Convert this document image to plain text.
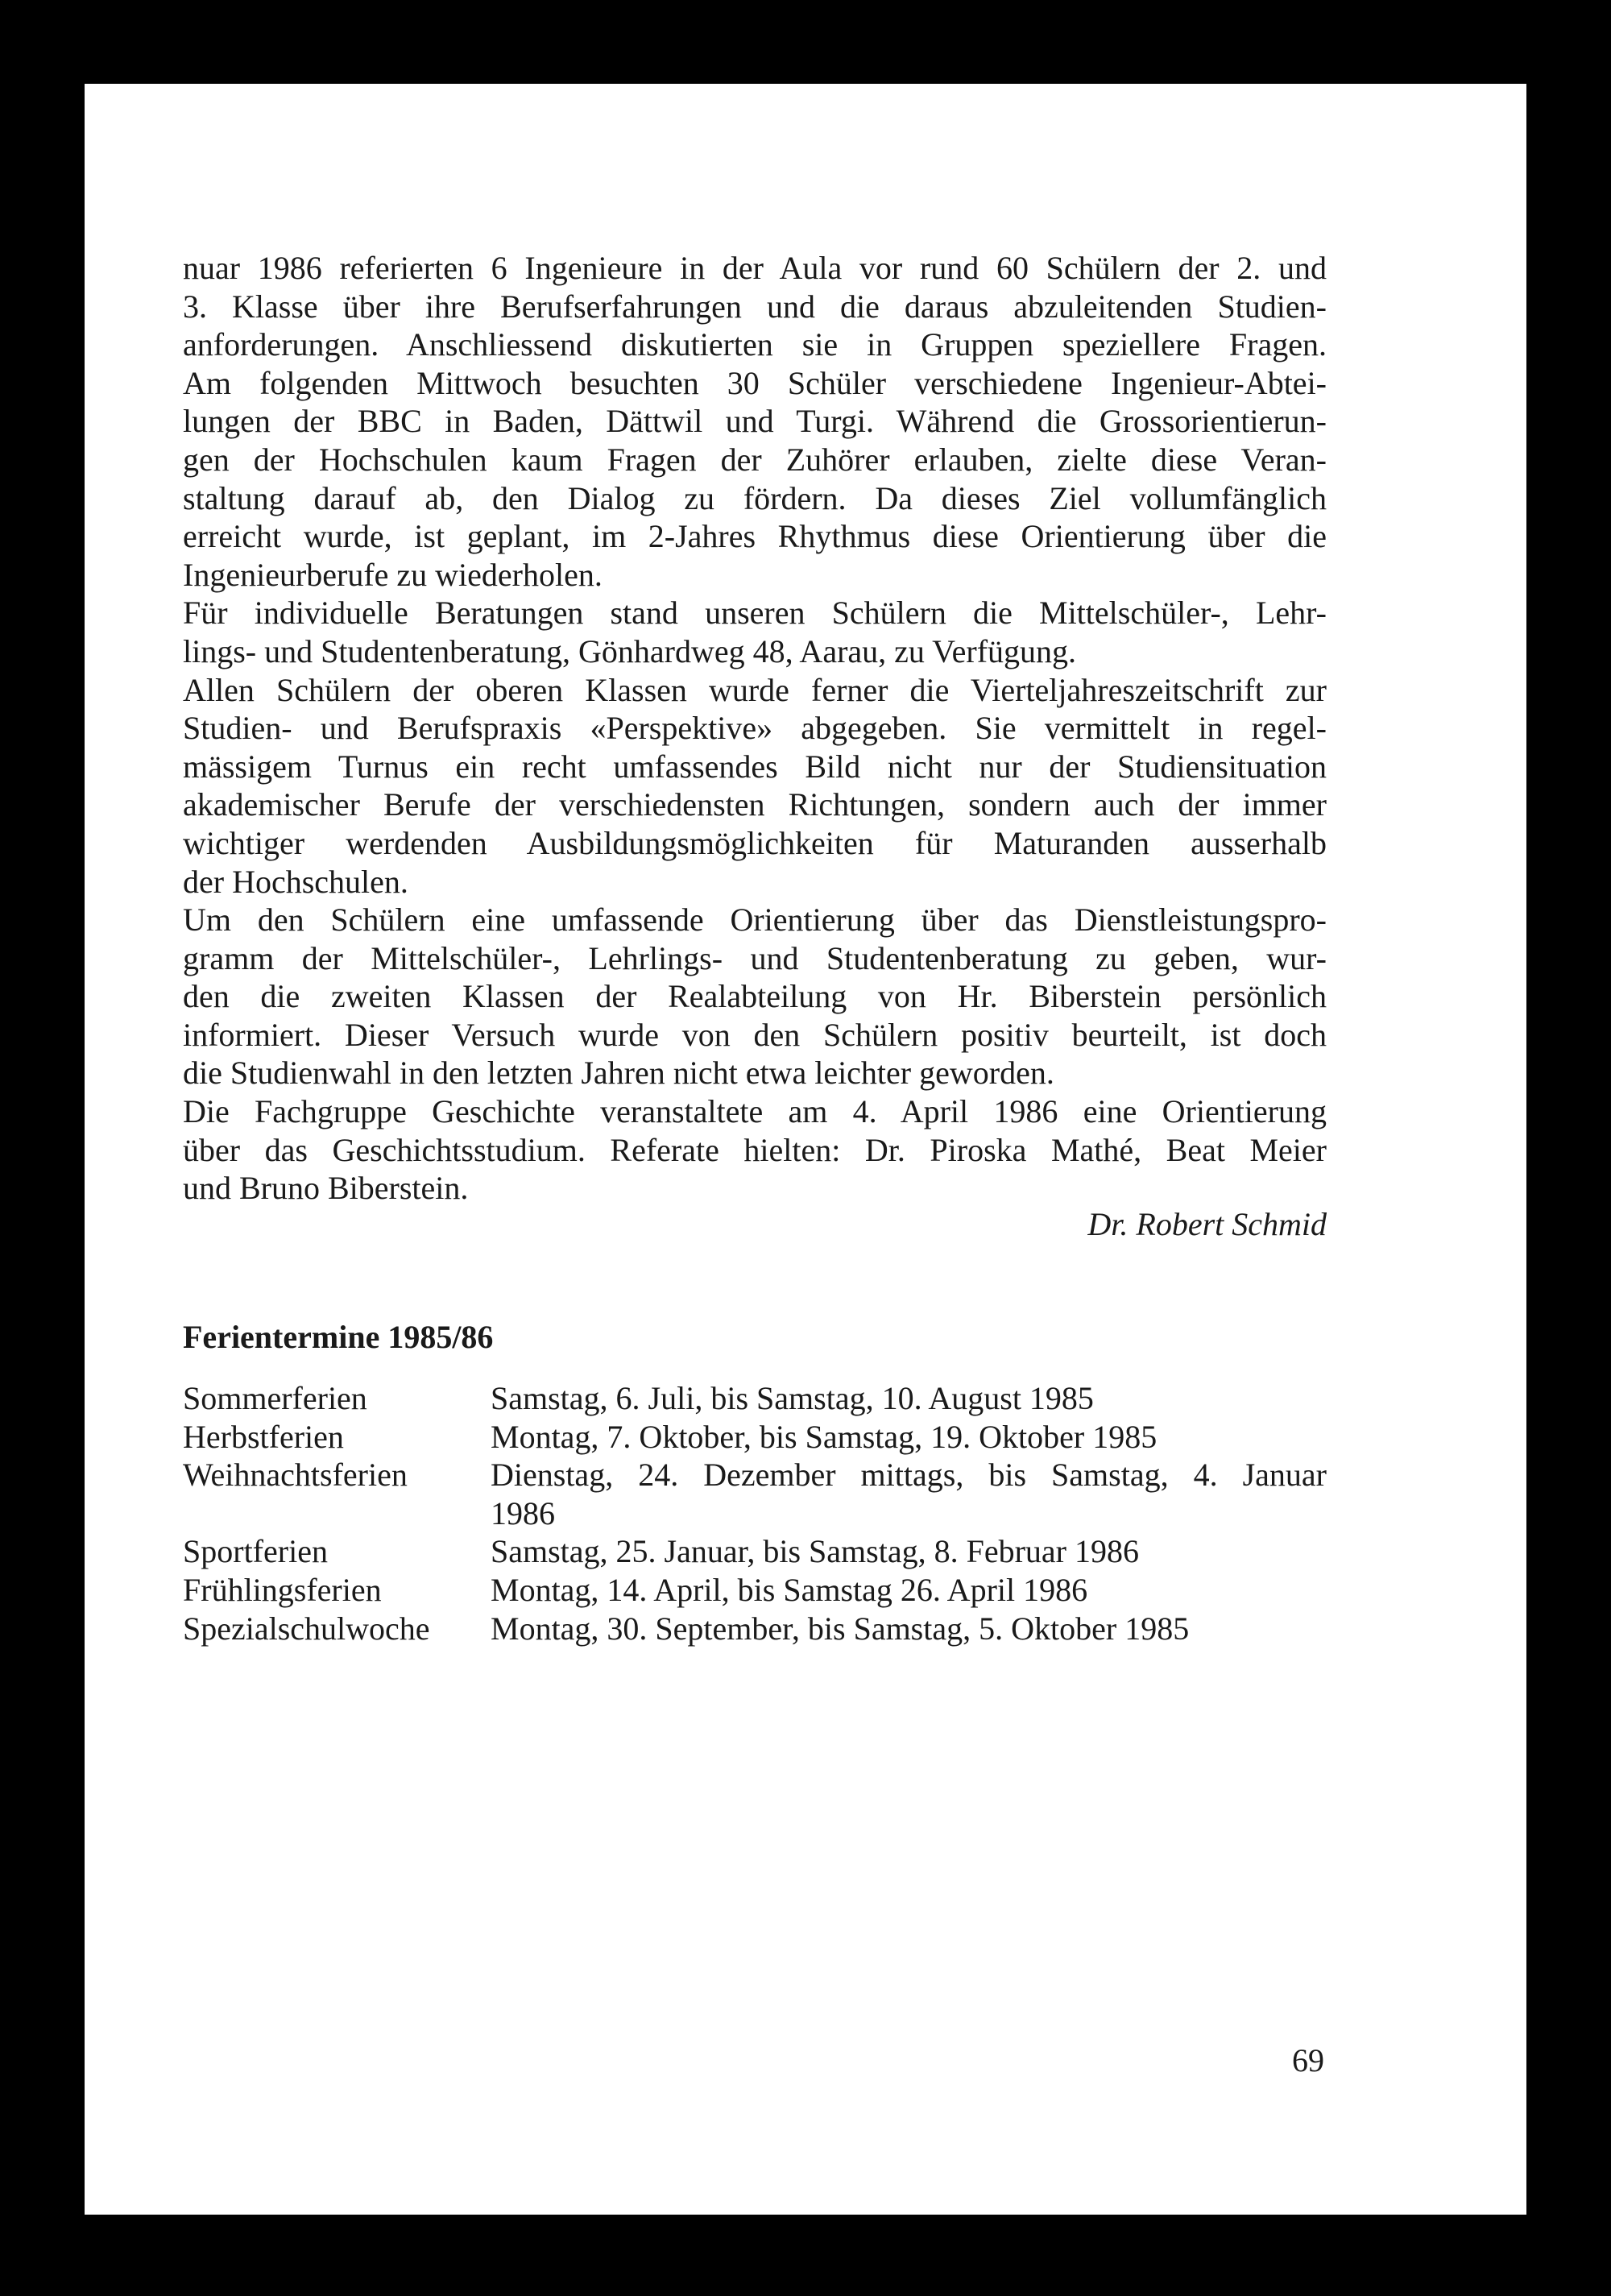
nuar 1986 referierten 6 Ingenieure in der Aula vor rund 60 Schülern der 2. und
3. Klasse über ihre Berufserfahrungen und die daraus abzuleitenden Studien-
anforderungen. Anschliessend diskutierten sie in Gruppen speziellere Fragen.
Am folgenden Mittwoch besuchten 30 Schüler verschiedene Ingenieur-Abtei-
lungen der BBC in Baden, Dättwil und Turgi. Während die Grossorientierun-
gen der Hochschulen kaum Fragen der Zuhörer erlauben, zielte diese Veran-
staltung darauf ab, den Dialog zu fördern. Da dieses Ziel vollumfänglich
erreicht wurde, ist geplant, im 2-Jahres Rhythmus diese Orientierung über die
Ingenieurberufe zu wiederholen.
Für individuelle Beratungen stand unseren Schülern die Mittelschüler-, Lehr-
lings- und Studentenberatung, Gönhardweg 48, Aarau, zu Verfügung.
Allen Schülern der oberen Klassen wurde ferner die Vierteljahreszeitschrift zur
Studien- und Berufspraxis «Perspektive» abgegeben. Sie vermittelt in regel-
mässigem Turnus ein recht umfassendes Bild nicht nur der Studiensituation
akademischer Berufe der verschiedensten Richtungen, sondern auch der immer
wichtiger werdenden Ausbildungsmöglichkeiten für Maturanden ausserhalb
der Hochschulen.
Um den Schülern eine umfassende Orientierung über das Dienstleistungspro-
gramm der Mittelschüler-, Lehrlings- und Studentenberatung zu geben, wur-
den die zweiten Klassen der Realabteilung von Hr. Biberstein persönlich
informiert. Dieser Versuch wurde von den Schülern positiv beurteilt, ist doch
die Studienwahl in den letzten Jahren nicht etwa leichter geworden.
Die Fachgruppe Geschichte veranstaltete am 4. April 1986 eine Orientierung
über das Geschichtsstudium. Referate hielten: Dr. Piroska Mathé, Beat Meier
und Bruno Biberstein.
Dr. Robert Schmid
Ferientermine 1985/86
Sommerferien	Samstag, 6. Juli, bis Samstag, 10. August 1985
Herbstferien	Montag, 7. Oktober, bis Samstag, 19. Oktober 1985
Weihnachtsferien	Dienstag, 24. Dezember mittags, bis Samstag, 4. Januar
1986
Sportferien	Samstag, 25. Januar, bis Samstag, 8. Februar 1986
Frühlingsferien	Montag, 14. April, bis Samstag 26. April 1986
Spezialschulwoche	Montag, 30. September, bis Samstag, 5. Oktober 1985
69
